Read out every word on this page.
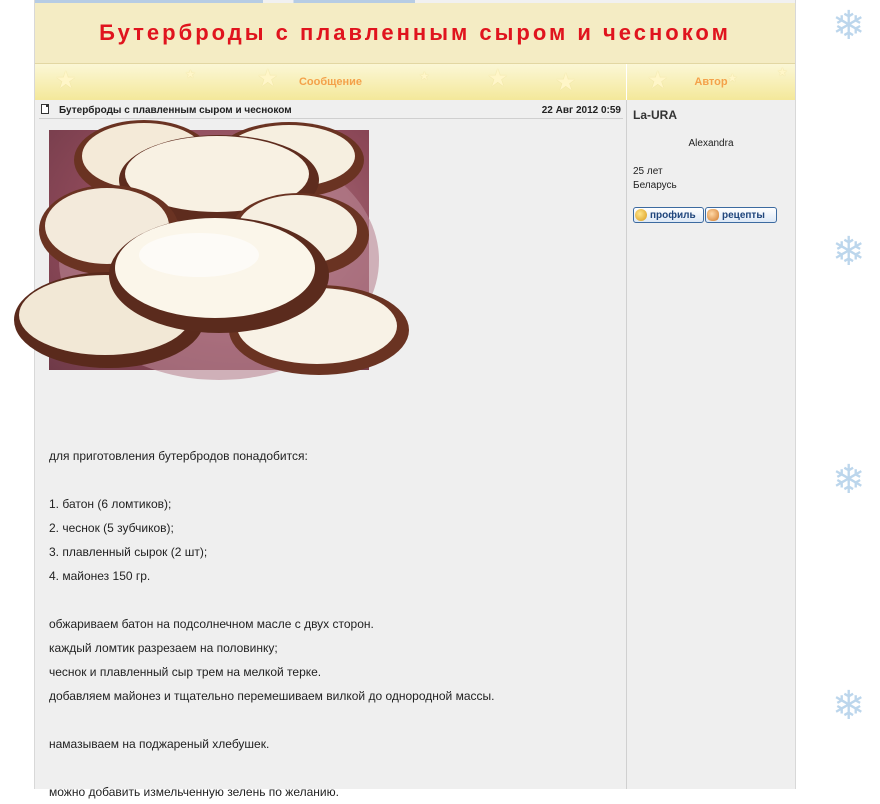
❄
❄
❄
❄
Бутерброды с плавленным сыром и чесноком
★	★	★	★ ★ ★
Сообщение	★	★	★
Автор
Бутерброды с плавленным сыром и чесноком	22 Авг 2012 0:59

для приготовления бутербродов понадобится:

1. батон (6 ломтиков);

2. чеснок (5 зубчиков);

3. плавленный сырок (2 шт);

4. майонез 150 гр.

обжариваем батон на подсолнечном масле с двух сторон.

каждый ломтик разрезаем на половинку;

чеснок и плавленный сыр трем на мелкой терке.

добавляем майонез и тщательно перемешиваем вилкой до однородной массы.

намазываем на поджареный хлебушек.

можно добавить измельченную зелень по желанию.

La-URA
Alexandra
25 лет
Беларусь
профиль	рецепты
